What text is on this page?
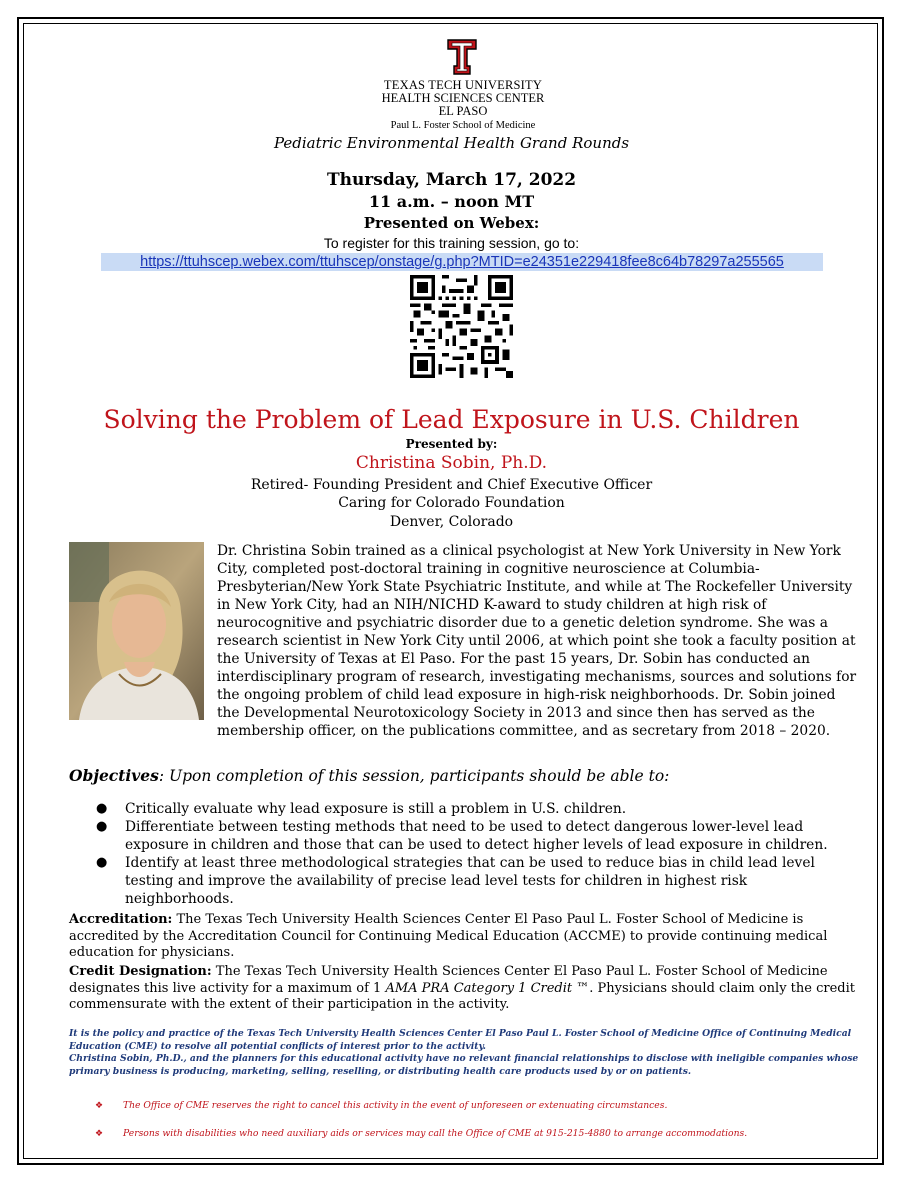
TEXAS TECH UNIVERSITY
HEALTH SCIENCES CENTER
EL PASO
Paul L. Foster School of Medicine
Pediatric Environmental Health Grand Rounds
Thursday, March 17, 2022
11 a.m. – noon MT
Presented on Webex:
To register for this training session, go to:
https://ttuhscep.webex.com/ttuhscep/onstage/g.php?MTID=e24351e229418fee8c64b78297a255565
Solving the Problem of Lead Exposure in U.S. Children
Presented by:
Christina Sobin, Ph.D.
Retired- Founding President and Chief Executive Officer
Caring for Colorado Foundation
Denver, Colorado
Dr. Christina Sobin trained as a clinical psychologist at New York University in New York City, completed post-doctoral training in cognitive neuroscience at Columbia-Presbyterian/New York State Psychiatric Institute, and while at The Rockefeller University in New York City, had an NIH/NICHD K-award to study children at high risk of neurocognitive and psychiatric disorder due to a genetic deletion syndrome. She was a research scientist in New York City until 2006, at which point she took a faculty position at the University of Texas at El Paso. For the past 15 years, Dr. Sobin has conducted an interdisciplinary program of research, investigating mechanisms, sources and solutions for the ongoing problem of child lead exposure in high-risk neighborhoods. Dr. Sobin joined the Developmental Neurotoxicology Society in 2013 and since then has served as the membership officer, on the publications committee, and as secretary from 2018 – 2020.
Objectives: Upon completion of this session, participants should be able to:
● Critically evaluate why lead exposure is still a problem in U.S. children.
● Differentiate between testing methods that need to be used to detect dangerous lower-level lead exposure in children and those that can be used to detect higher levels of lead exposure in children.
● Identify at least three methodological strategies that can be used to reduce bias in child lead level testing and improve the availability of precise lead level tests for children in highest risk neighborhoods.
Accreditation: The Texas Tech University Health Sciences Center El Paso Paul L. Foster School of Medicine is accredited by the Accreditation Council for Continuing Medical Education (ACCME) to provide continuing medical education for physicians.
Credit Designation: The Texas Tech University Health Sciences Center El Paso Paul L. Foster School of Medicine designates this live activity for a maximum of 1 AMA PRA Category 1 Credit ™. Physicians should claim only the credit commensurate with the extent of their participation in the activity.
It is the policy and practice of the Texas Tech University Health Sciences Center El Paso Paul L. Foster School of Medicine Office of Continuing Medical Education (CME) to resolve all potential conflicts of interest prior to the activity.
Christina Sobin, Ph.D., and the planners for this educational activity have no relevant financial relationships to disclose with ineligible companies whose primary business is producing, marketing, selling, reselling, or distributing health care products used by or on patients.
❖ The Office of CME reserves the right to cancel this activity in the event of unforeseen or extenuating circumstances.
❖ Persons with disabilities who need auxiliary aids or services may call the Office of CME at 915-215-4880 to arrange accommodations.
